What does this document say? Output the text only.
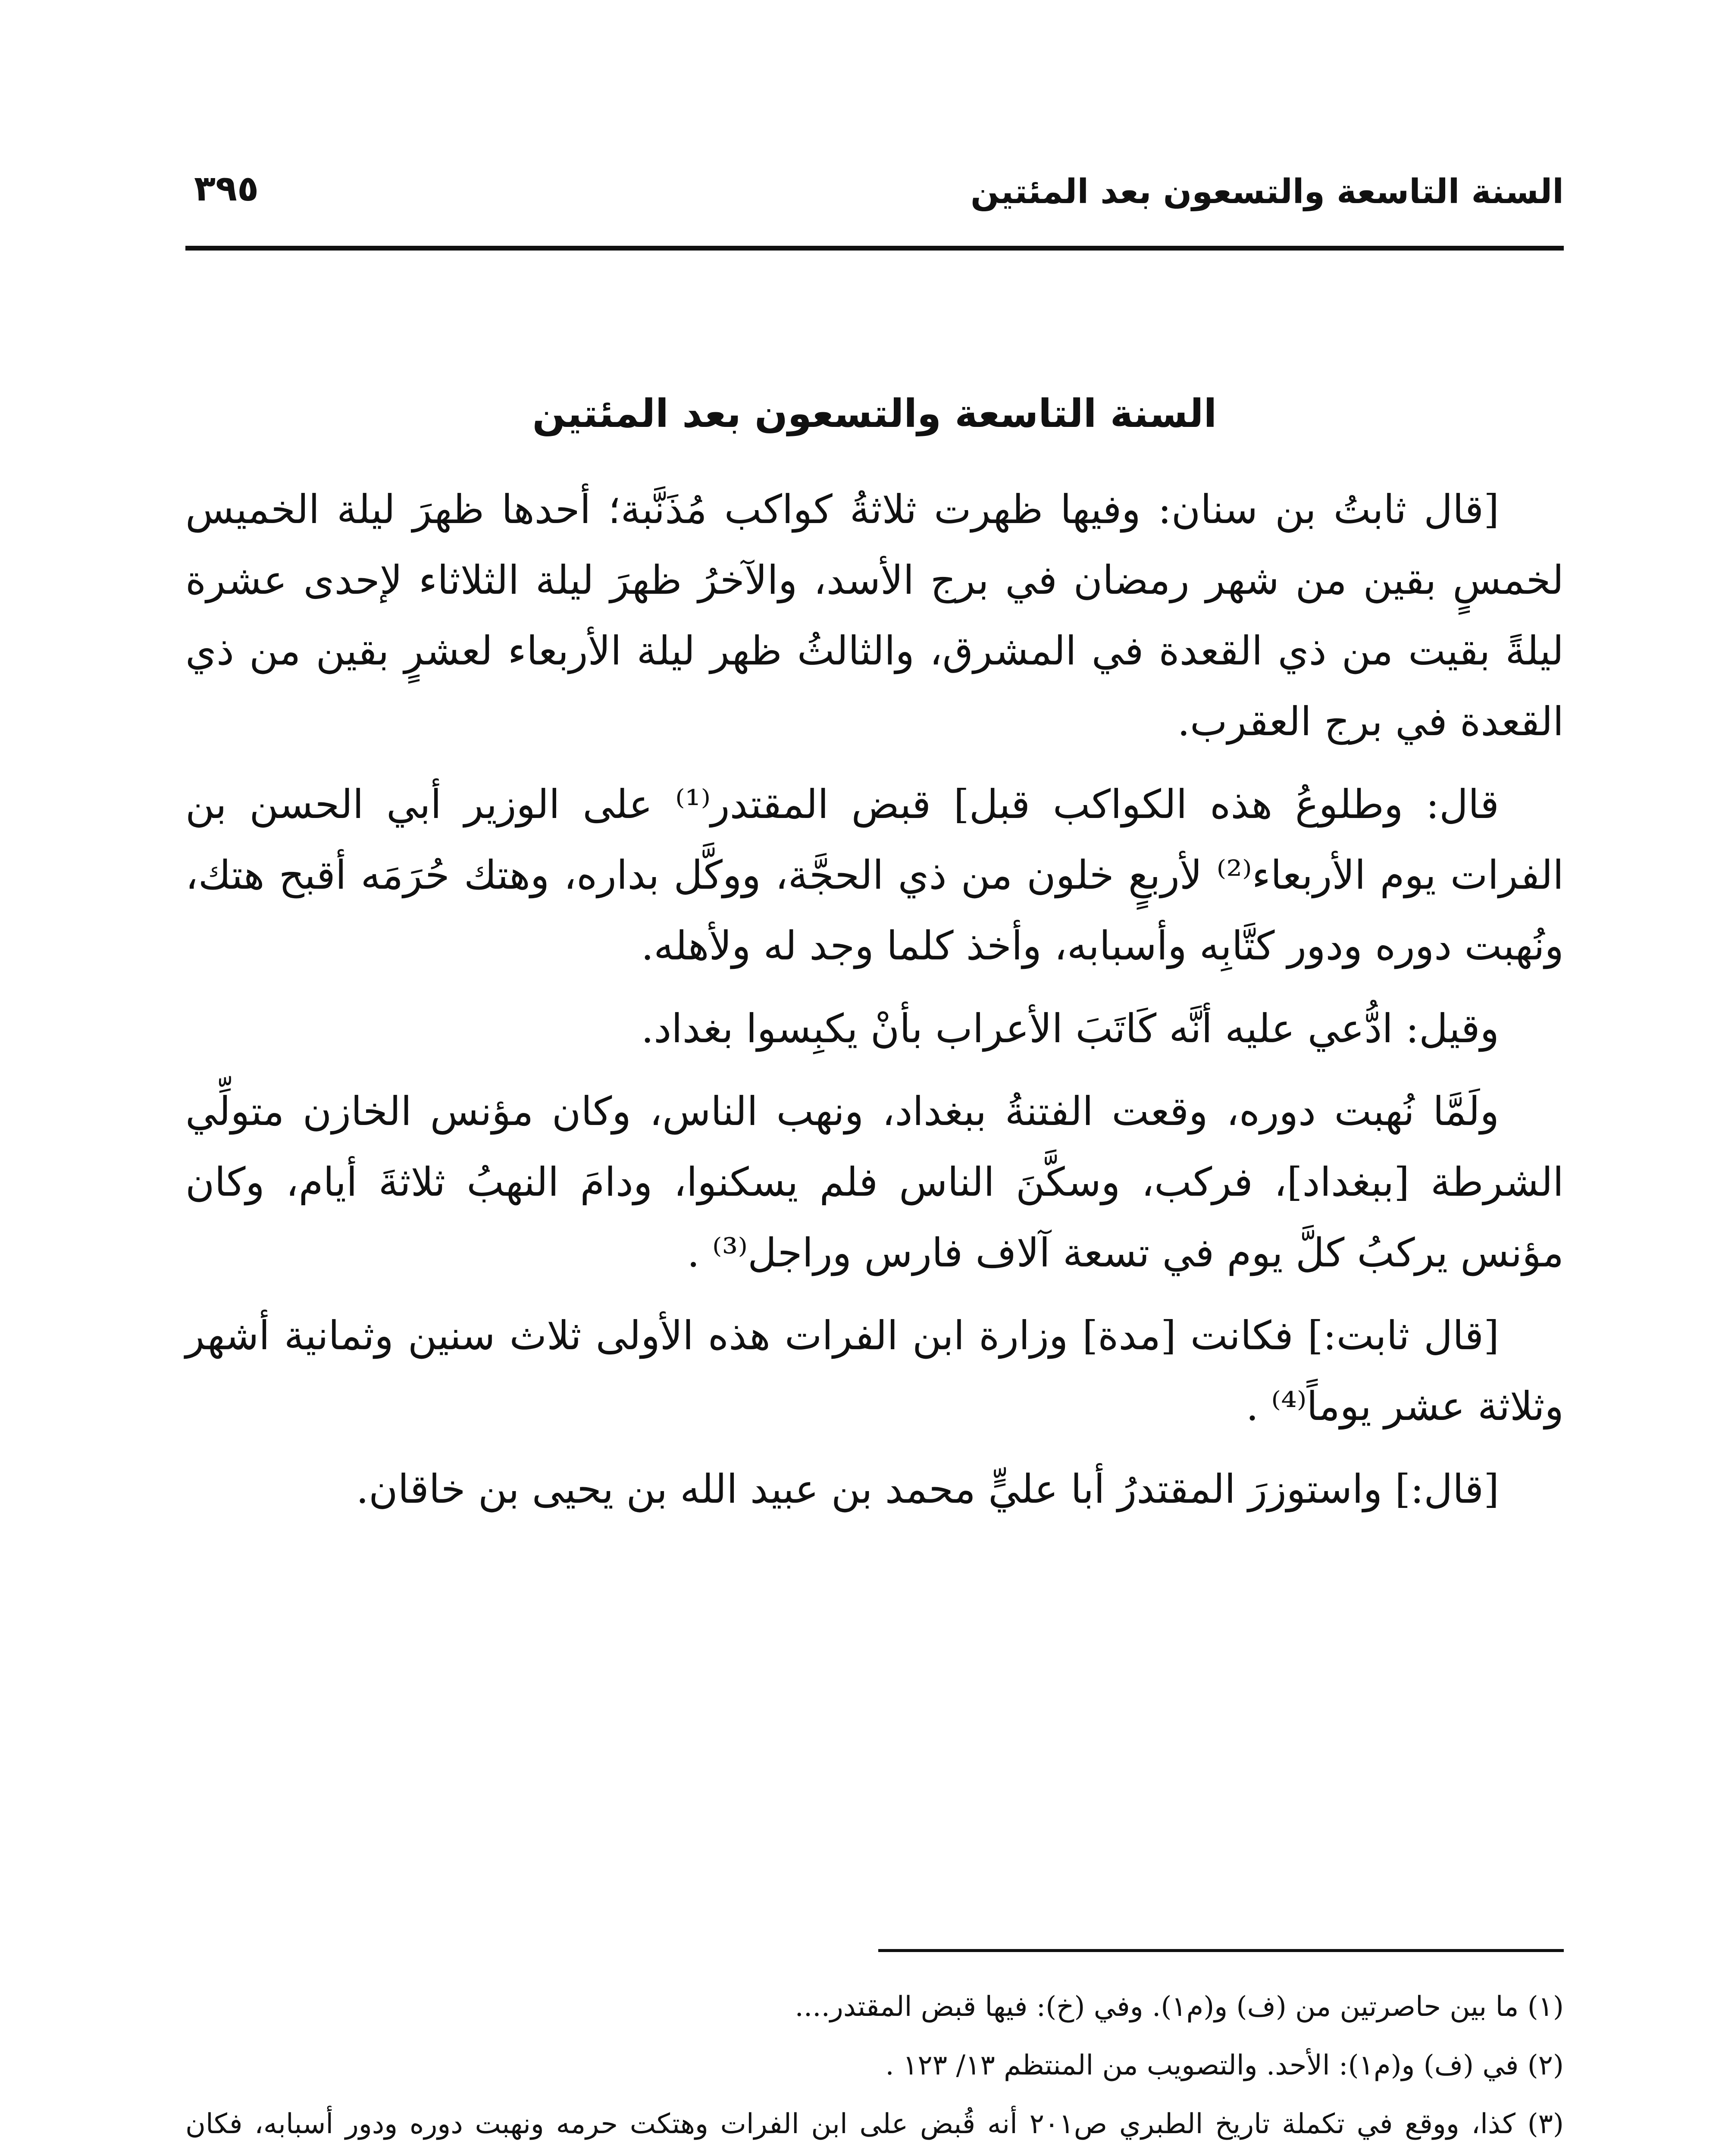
السنة التاسعة والتسعون بعد المئتين
٣٩٥
السنة التاسعة والتسعون بعد المئتين

[قال ثابتُ بن سنان: وفيها ظهرت ثلاثةُ كواكب مُذَنَّبة؛ أحدها ظهرَ ليلة الخميس لخمسٍ بقين من شهر رمضان في برج الأسد، والآخرُ ظهرَ ليلة الثلاثاء لإحدى عشرة ليلةً بقيت من ذي القعدة في المشرق، والثالثُ ظهر ليلة الأربعاء لعشرٍ بقين من ذي القعدة في برج العقرب.

قال: وطلوعُ هذه الكواكب قبل] قبض المقتدر⁽¹⁾ على الوزير أبي الحسن بن الفرات يوم الأربعاء⁽²⁾ لأربعٍ خلون من ذي الحجَّة، ووكَّل بداره، وهتك حُرَمَه أقبح هتك، ونُهبت دوره ودور كتَّابِه وأسبابه، وأخذ كلما وجد له ولأهله.

وقيل: ادُّعي عليه أنَّه كَاتَبَ الأعراب بأنْ يكبِسوا بغداد.

ولَمَّا نُهبت دوره، وقعت الفتنةُ ببغداد، ونهب الناس، وكان مؤنس الخازن متولِّي الشرطة [ببغداد]، فركب، وسكَّنَ الناس فلم يسكنوا، ودامَ النهبُ ثلاثةَ أيام، وكان مؤنس يركبُ كلَّ يوم في تسعة آلاف فارس وراجل⁽³⁾ .

[قال ثابت:] فكانت [مدة] وزارة ابن الفرات هذه الأولى ثلاث سنين وثمانية أشهر وثلاثة عشر يوماً⁽⁴⁾ .

[قال:] واستوزرَ المقتدرُ أبا عليٍّ محمد بن عبيد الله بن يحيى بن خاقان.

(١) ما بين حاصرتين من (ف) و(م١). وفي (خ): فيها قبض المقتدر....

(٢) في (ف) و(م١): الأحد. والتصويب من المنتظم ١٣/ ١٢٣ .

(٣) كذا، ووقع في تكملة تاريخ الطبري ص٢٠١ أنه قُبض على ابن الفرات وهتكت حرمه ونهبت دوره ودور أسبابه، فكان
